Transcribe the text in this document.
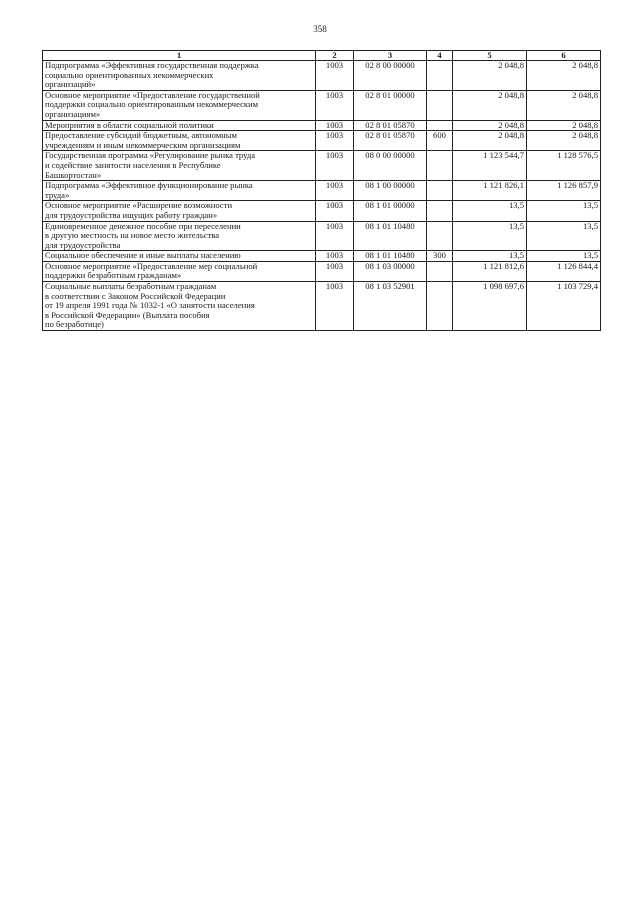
358
1	2	3	4	5	6
Подпрограмма «Эффективная государственная поддержка
социально ориентированных некоммерческих
организаций»	1003	02 8 00 00000		2 048,8	2 048,8
Основное мероприятие «Предоставление государственной
поддержки социально ориентированным некоммерческим
организациям»	1003	02 8 01 00000		2 048,8	2 048,8
Мероприятия в области социальной политики	1003	02 8 01 05870		2 048,8	2 048,8
Предоставление субсидий бюджетным, автономным
учреждениям и иным некоммерческим организациям	1003	02 8 01 05870	600	2 048,8	2 048,8
Государственная программа «Регулирование рынка труда
и содействие занятости населения в Республике
Башкортостан»	1003	08 0 00 00000		1 123 544,7	1 128 576,5
Подпрограмма «Эффективное функционирование рынка
труда»	1003	08 1 00 00000		1 121 826,1	1 126 857,9
Основное мероприятие «Расширение возможности
для трудоустройства ищущих работу граждан»	1003	08 1 01 00000		13,5	13,5
Единовременное денежное пособие при переселении
в другую местность на новое место жительства
для трудоустройства	1003	08 1 01 10480		13,5	13,5
Социальное обеспечение и иные выплаты населению	1003	08 1 01 10480	300	13,5	13,5
Основное мероприятие «Предоставление мер социальной
поддержки безработным гражданам»	1003	08 1 03 00000		1 121 812,6	1 126 844,4
Социальные выплаты безработным гражданам
в соответствии с Законом Российской Федерации
от 19 апреля 1991 года № 1032-1 «О занятости населения
в Российской Федерации» (Выплата пособия
по безработице)	1003	08 1 03 52901		1 098 697,6	1 103 729,4
